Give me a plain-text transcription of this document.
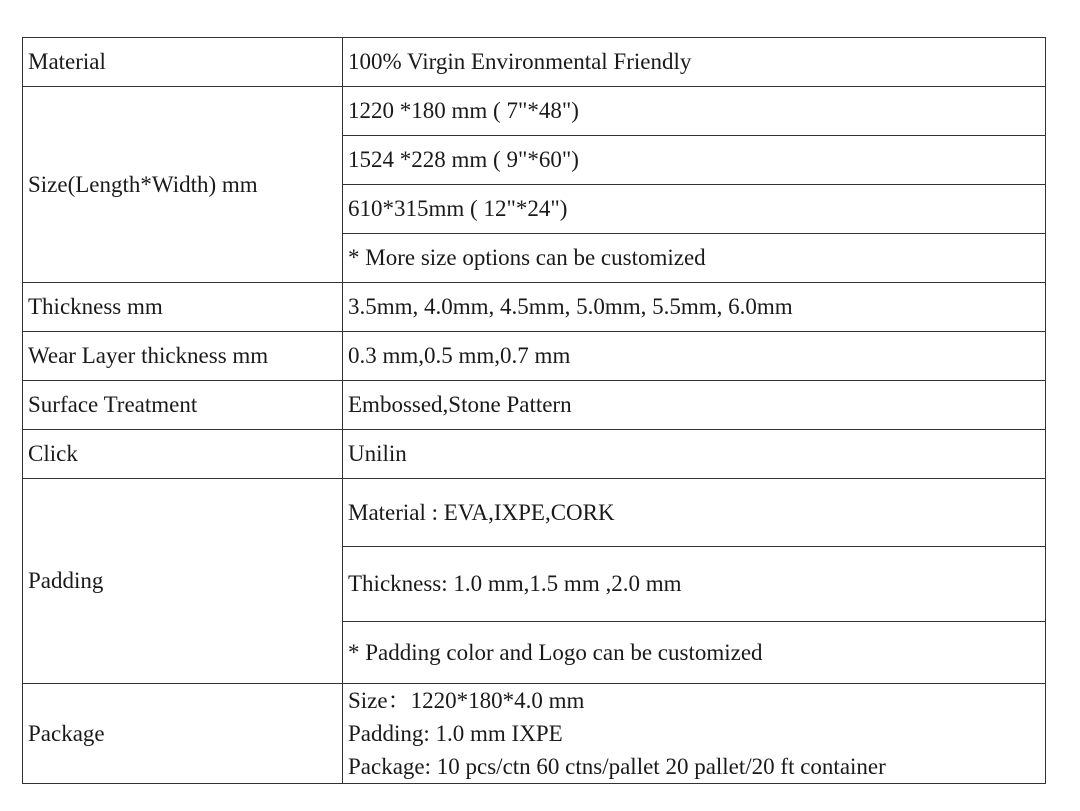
Material	100% Virgin Environmental Friendly
Size(Length*Width) mm	1220 *180 mm ( 7"*48")
	1524 *228 mm ( 9"*60")
	610*315mm ( 12"*24")
	* More size options can be customized
Thickness mm	3.5mm, 4.0mm, 4.5mm, 5.0mm, 5.5mm, 6.0mm
Wear Layer thickness mm	0.3 mm,0.5 mm,0.7 mm
Surface Treatment	Embossed,Stone Pattern
Click	Unilin
Padding	Material : EVA,IXPE,CORK
	Thickness: 1.0 mm,1.5 mm ,2.0 mm
	* Padding color and Logo can be customized
Package	Size：1220*180*4.0 mm
Padding: 1.0 mm IXPE
Package: 10 pcs/ctn 60 ctns/pallet 20 pallet/20 ft container
